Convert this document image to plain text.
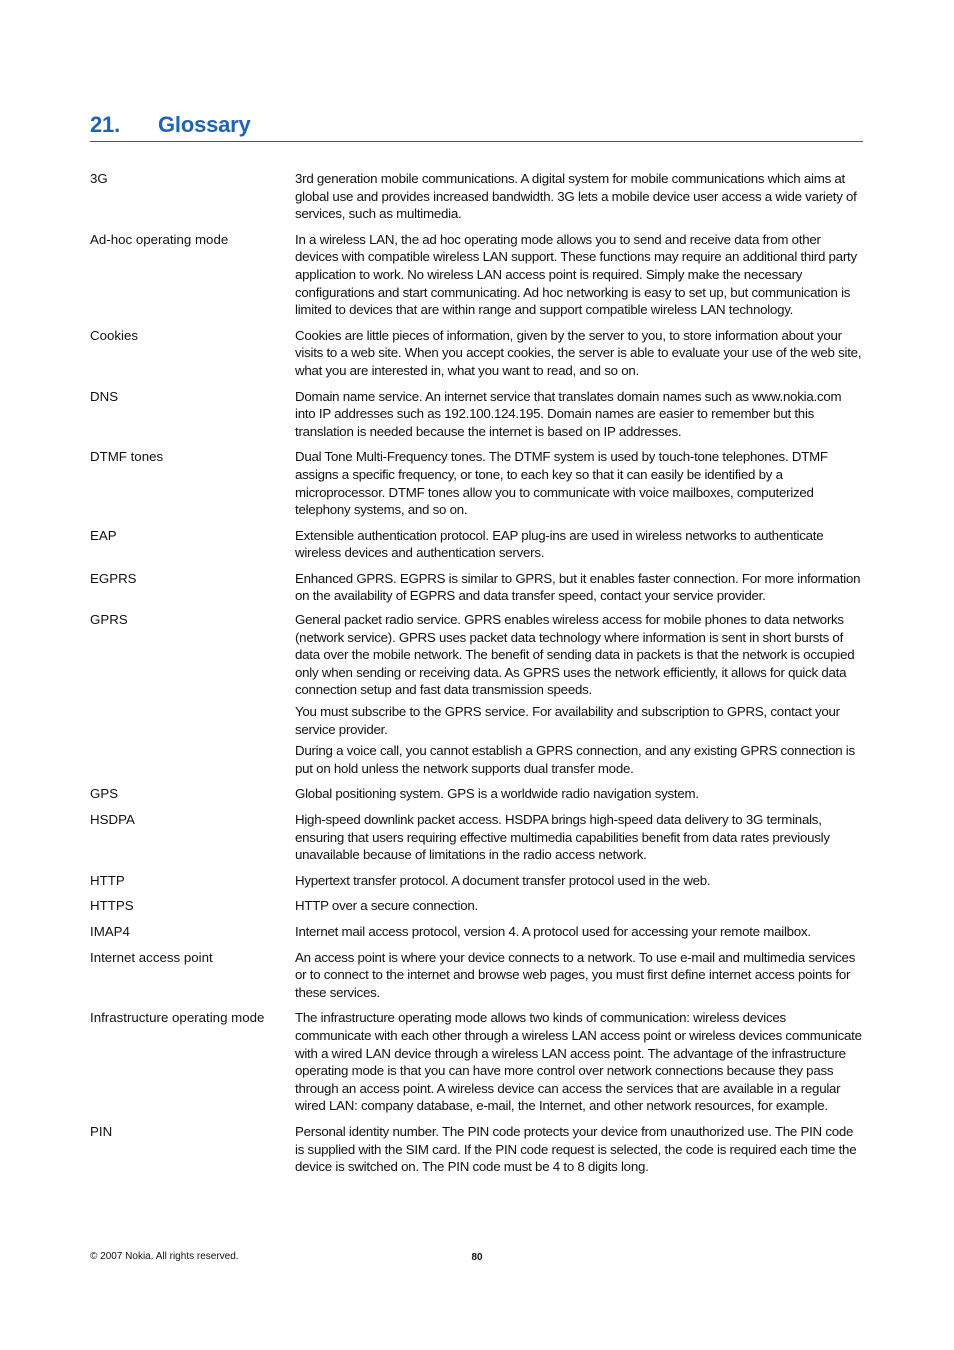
21.	Glossary
3G	3rd generation mobile communications. A digital system for mobile communications which aims at global use and provides increased bandwidth. 3G lets a mobile device user access a wide variety of services, such as multimedia.

Ad-hoc operating mode	In a wireless LAN, the ad hoc operating mode allows you to send and receive data from other devices with compatible wireless LAN support. These functions may require an additional third party application to work. No wireless LAN access point is required. Simply make the necessary configurations and start communicating. Ad hoc networking is easy to set up, but communication is limited to devices that are within range and support compatible wireless LAN technology.

Cookies	Cookies are little pieces of information, given by the server to you, to store information about your visits to a web site. When you accept cookies, the server is able to evaluate your use of the web site, what you are interested in, what you want to read, and so on.

DNS	Domain name service. An internet service that translates domain names such as www.nokia.com into IP addresses such as 192.100.124.195. Domain names are easier to remember but this translation is needed because the internet is based on IP addresses.

DTMF tones	Dual Tone Multi-Frequency tones. The DTMF system is used by touch-tone telephones. DTMF assigns a specific frequency, or tone, to each key so that it can easily be identified by a microprocessor. DTMF tones allow you to communicate with voice mailboxes, computerized telephony systems, and so on.

EAP	Extensible authentication protocol. EAP plug-ins are used in wireless networks to authenticate wireless devices and authentication servers.

EGPRS	Enhanced GPRS. EGPRS is similar to GPRS, but it enables faster connection. For more information on the availability of EGPRS and data transfer speed, contact your service provider.

GPRS	General packet radio service. GPRS enables wireless access for mobile phones to data networks (network service). GPRS uses packet data technology where information is sent in short bursts of data over the mobile network. The benefit of sending data in packets is that the network is occupied only when sending or receiving data. As GPRS uses the network efficiently, it allows for quick data connection setup and fast data transmission speeds.

You must subscribe to the GPRS service. For availability and subscription to GPRS, contact your service provider.

During a voice call, you cannot establish a GPRS connection, and any existing GPRS connection is put on hold unless the network supports dual transfer mode.

GPS	Global positioning system. GPS is a worldwide radio navigation system.

HSDPA	High-speed downlink packet access. HSDPA brings high-speed data delivery to 3G terminals, ensuring that users requiring effective multimedia capabilities benefit from data rates previously unavailable because of limitations in the radio access network.

HTTP	Hypertext transfer protocol. A document transfer protocol used in the web.

HTTPS	HTTP over a secure connection.

IMAP4	Internet mail access protocol, version 4. A protocol used for accessing your remote mailbox.

Internet access point	An access point is where your device connects to a network. To use e-mail and multimedia services or to connect to the internet and browse web pages, you must first define internet access points for these services.

Infrastructure operating mode	The infrastructure operating mode allows two kinds of communication: wireless devices communicate with each other through a wireless LAN access point or wireless devices communicate with a wired LAN device through a wireless LAN access point. The advantage of the infrastructure operating mode is that you can have more control over network connections because they pass through an access point. A wireless device can access the services that are available in a regular wired LAN: company database, e-mail, the Internet, and other network resources, for example.

PIN	Personal identity number. The PIN code protects your device from unauthorized use. The PIN code is supplied with the SIM card. If the PIN code request is selected, the code is required each time the device is switched on. The PIN code must be 4 to 8 digits long.

© 2007 Nokia. All rights reserved.	80
